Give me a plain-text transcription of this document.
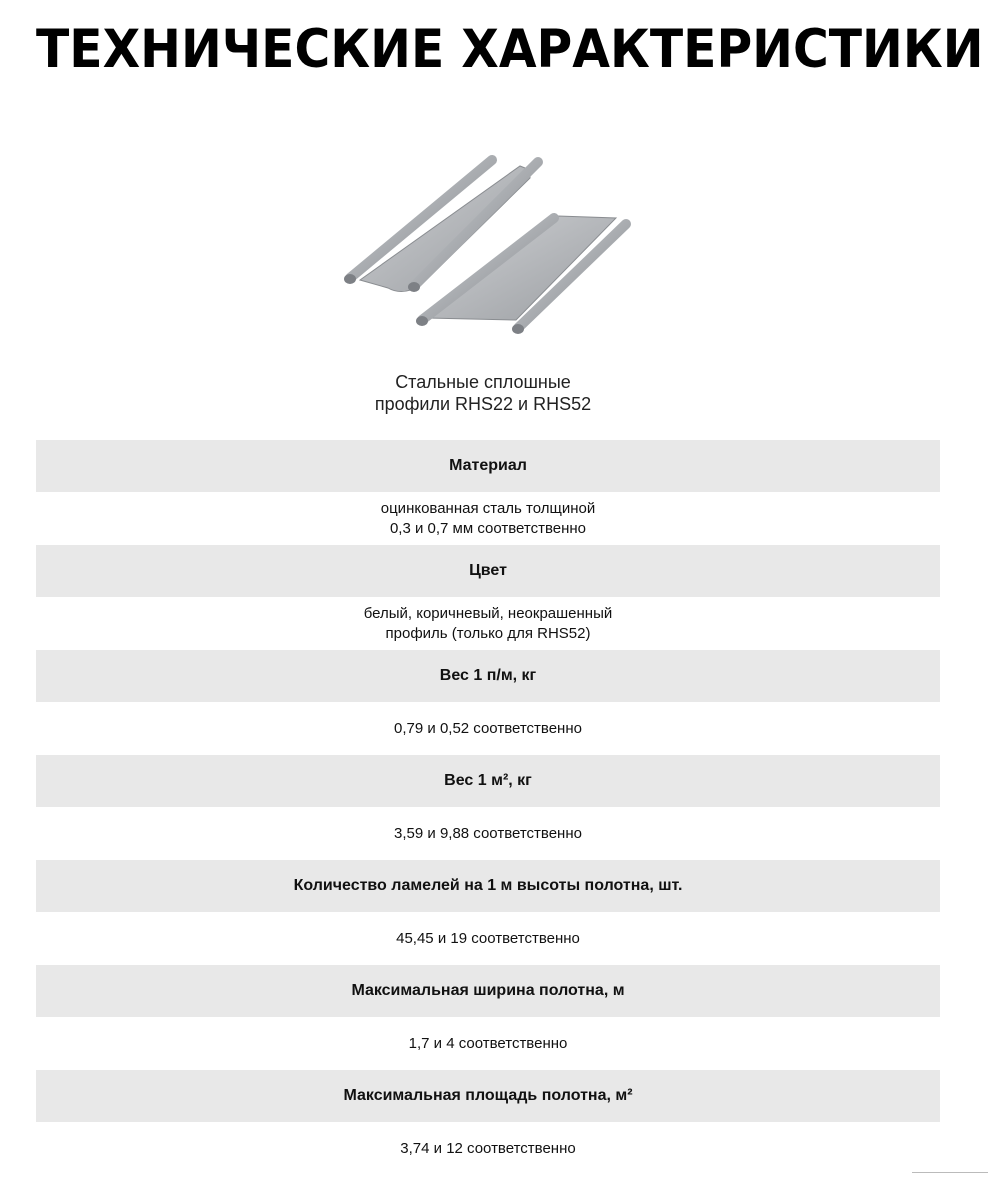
ТЕХНИЧЕСКИЕ ХАРАКТЕРИСТИКИ
Стальные сплошные
профили RHS22 и RHS52
Материал
оцинкованная сталь толщиной
0,3 и 0,7 мм соответственно
Цвет
белый, коричневый, неокрашенный
профиль (только для RHS52)
Вес 1 п/м, кг
0,79 и 0,52 соответственно
Вес 1 м², кг
3,59 и 9,88 соответственно
Количество ламелей на 1 м высоты полотна, шт.
45,45 и 19 соответственно
Максимальная ширина полотна, м
1,7 и 4 соответственно
Максимальная площадь полотна, м²
3,74 и 12 соответственно
